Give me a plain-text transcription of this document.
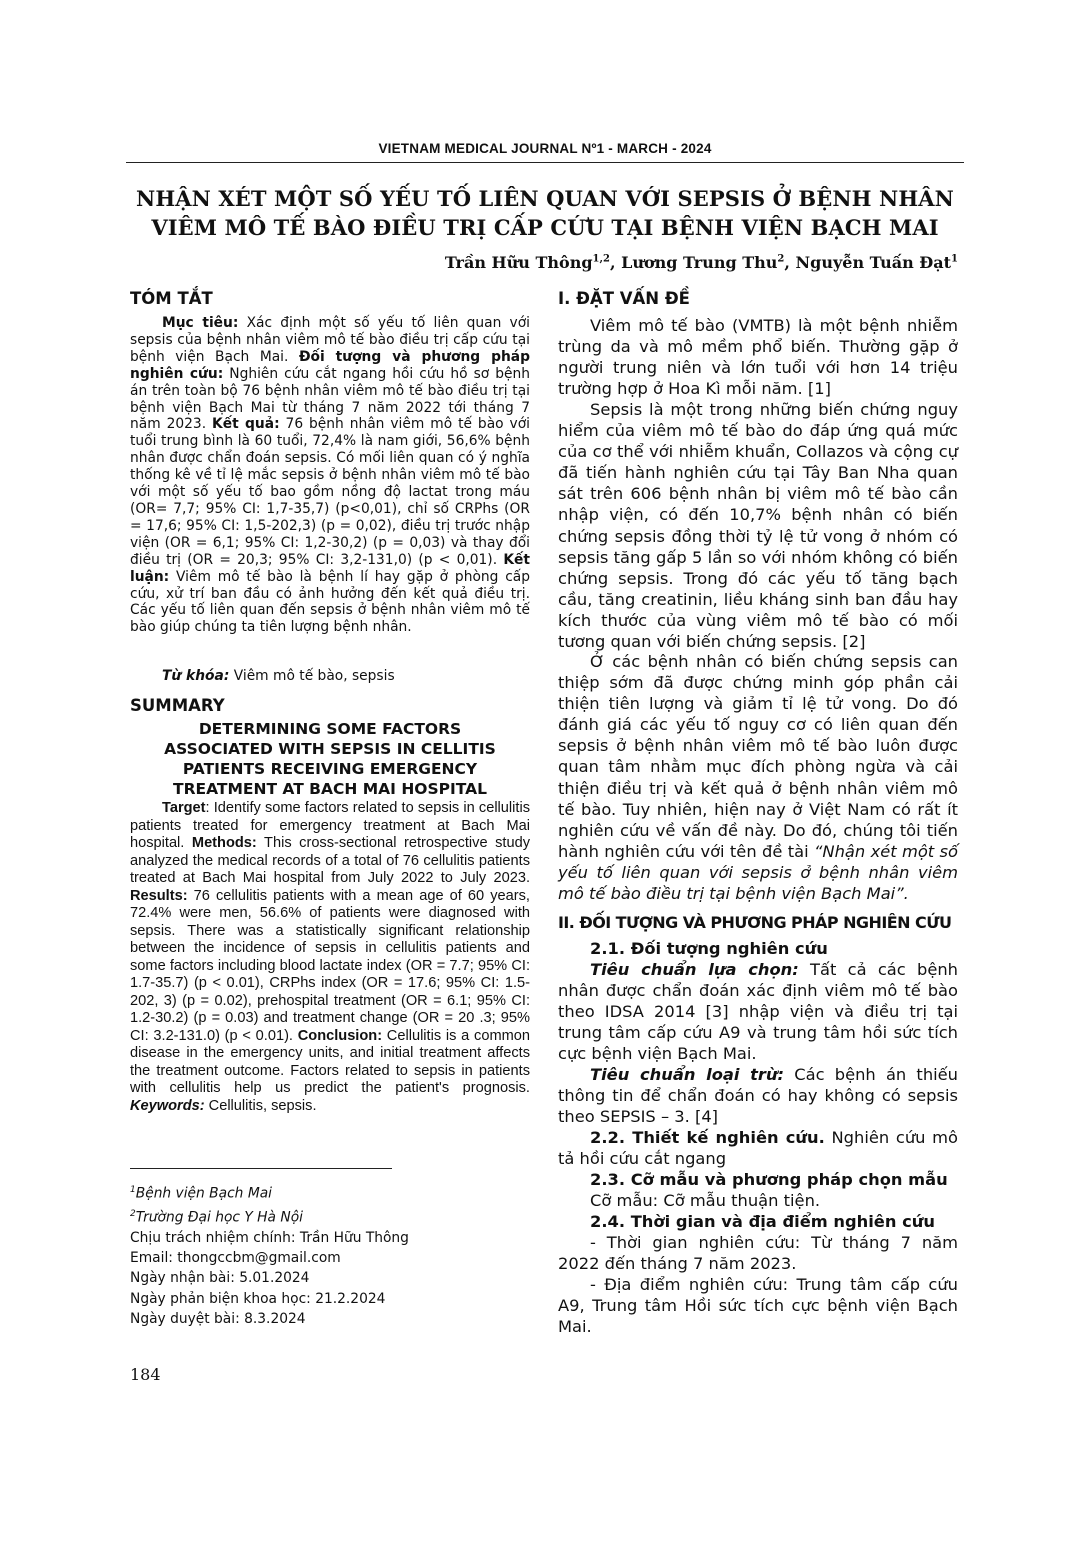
VIETNAM MEDICAL JOURNAL Nº1 - MARCH - 2024
NHẬN XÉT MỘT SỐ YẾU TỐ LIÊN QUAN VỚI SEPSIS Ở BỆNH NHÂN
VIÊM MÔ TẾ BÀO ĐIỀU TRỊ CẤP CỨU TẠI BỆNH VIỆN BẠCH MAI
Trần Hữu Thông$^{1,2}$, Lương Trung Thu$^2$, Nguyễn Tuấn Đạt$^1$
TÓM TẮT

Mục tiêu: Xác định một số yếu tố liên quan với sepsis của bệnh nhân viêm mô tế bào điều trị cấp cứu tại bệnh viện Bạch Mai. Đối tượng và phương pháp nghiên cứu: Nghiên cứu cắt ngang hồi cứu hồ sơ bệnh án trên toàn bộ 76 bệnh nhân viêm mô tế bào điều trị tại bệnh viện Bạch Mai từ tháng 7 năm 2022 tới tháng 7 năm 2023. Kết quả: 76 bệnh nhân viêm mô tế bào với tuổi trung bình là 60 tuổi, 72,4% là nam giới, 56,6% bệnh nhân được chẩn đoán sepsis. Có mối liên quan có ý nghĩa thống kê về tỉ lệ mắc sepsis ở bệnh nhân viêm mô tế bào với một số yếu tố bao gồm nồng độ lactat trong máu (OR= 7,7; 95% CI: 1,7-35,7) (p<0,01), chỉ số CRPhs (OR = 17,6; 95% CI: 1,5-202,3) (p = 0,02), điều trị trước nhập viện (OR = 6,1; 95% CI: 1,2-30,2) (p = 0,03) và thay đổi điều trị (OR = 20,3; 95% CI: 3,2-131,0) (p < 0,01). Kết luận: Viêm mô tế bào là bệnh lí hay gặp ở phòng cấp cứu, xử trí ban đầu có ảnh hưởng đến kết quả điều trị. Các yếu tố liên quan đến sepsis ở bệnh nhân viêm mô tế bào giúp chúng ta tiên lượng bệnh nhân.

Từ khóa: Viêm mô tế bào, sepsis

SUMMARY
DETERMINING SOME FACTORS
ASSOCIATED WITH SEPSIS IN CELLITIS
PATIENTS RECEIVING EMERGENCY
TREATMENT AT BACH MAI HOSPITAL

Target: Identify some factors related to sepsis in cellulitis patients treated for emergency treatment at Bach Mai hospital. Methods: This cross-sectional retrospective study analyzed the medical records of a total of 76 cellulitis patients treated at Bach Mai hospital from July 2022 to July 2023. Results: 76 cellulitis patients with a mean age of 60 years, 72.4% were men, 56.6% of patients were diagnosed with sepsis. There was a statistically significant relationship between the incidence of sepsis in cellulitis patients and some factors including blood lactate index (OR = 7.7; 95% CI: 1.7-35.7) (p < 0.01), CRPhs index (OR = 17.6; 95% CI: 1.5-202, 3) (p = 0.02), prehospital treatment (OR = 6.1; 95% CI: 1.2-30.2) (p = 0.03) and treatment change (OR = 20 .3; 95% CI: 3.2-131.0) (p < 0.01). Conclusion: Cellulitis is a common disease in the emergency units, and initial treatment affects the treatment outcome. Factors related to sepsis in patients with cellulitis help us predict the patient's prognosis. Keywords: Cellulitis, sepsis.

$^1$Bệnh viện Bạch Mai
$^2$Trường Đại học Y Hà Nội
Chịu trách nhiệm chính: Trần Hữu Thông
Email: thongccbm@gmail.com
Ngày nhận bài: 5.01.2024
Ngày phản biện khoa học: 21.2.2024
Ngày duyệt bài: 8.3.2024
184
I. ĐẶT VẤN ĐỀ

Viêm mô tế bào (VMTB) là một bệnh nhiễm trùng da và mô mềm phổ biến. Thường gặp ở người trung niên và lớn tuổi với hơn 14 triệu trường hợp ở Hoa Kì mỗi năm. [1]

Sepsis là một trong những biến chứng nguy hiểm của viêm mô tế bào do đáp ứng quá mức của cơ thể với nhiễm khuẩn, Collazos và cộng cự đã tiến hành nghiên cứu tại Tây Ban Nha quan sát trên 606 bệnh nhân bị viêm mô tế bào cần nhập viện, có đến 10,7% bệnh nhân có biến chứng sepsis đồng thời tỷ lệ tử vong ở nhóm có sepsis tăng gấp 5 lần so với nhóm không có biến chứng sepsis. Trong đó các yếu tố tăng bạch cầu, tăng creatinin, liều kháng sinh ban đầu hay kích thước của vùng viêm mô tế bào có mối tương quan với biến chứng sepsis. [2]

Ở các bệnh nhân có biến chứng sepsis can thiệp sớm đã được chứng minh góp phần cải thiện tiên lượng và giảm tỉ lệ tử vong. Do đó đánh giá các yếu tố nguy cơ có liên quan đến sepsis ở bệnh nhân viêm mô tế bào luôn được quan tâm nhằm mục đích phòng ngừa và cải thiện điều trị và kết quả ở bệnh nhân viêm mô tế bào. Tuy nhiên, hiện nay ở Việt Nam có rất ít nghiên cứu về vấn đề này. Do đó, chúng tôi tiến hành nghiên cứu với tên đề tài “Nhận xét một số yếu tố liên quan với sepsis ở bệnh nhân viêm mô tế bào điều trị tại bệnh viện Bạch Mai”.

II. ĐỐI TƯỢNG VÀ PHƯƠNG PHÁP NGHIÊN CỨU
2.1. Đối tượng nghiên cứu

Tiêu chuẩn lựa chọn: Tất cả các bệnh nhân được chẩn đoán xác định viêm mô tế bào theo IDSA 2014 [3] nhập viện và điều trị tại trung tâm cấp cứu A9 và trung tâm hồi sức tích cực bệnh viện Bạch Mai.

Tiêu chuẩn loại trừ: Các bệnh án thiếu thông tin để chẩn đoán có hay không có sepsis theo SEPSIS – 3. [4]

2.2. Thiết kế nghiên cứu. Nghiên cứu mô tả hồi cứu cắt ngang

2.3. Cỡ mẫu và phương pháp chọn mẫu
Cỡ mẫu: Cỡ mẫu thuận tiện.
2.4. Thời gian và địa điểm nghiên cứu

- Thời gian nghiên cứu: Từ tháng 7 năm 2022 đến tháng 7 năm 2023.

- Địa điểm nghiên cứu: Trung tâm cấp cứu A9, Trung tâm Hồi sức tích cực bệnh viện Bạch Mai.
